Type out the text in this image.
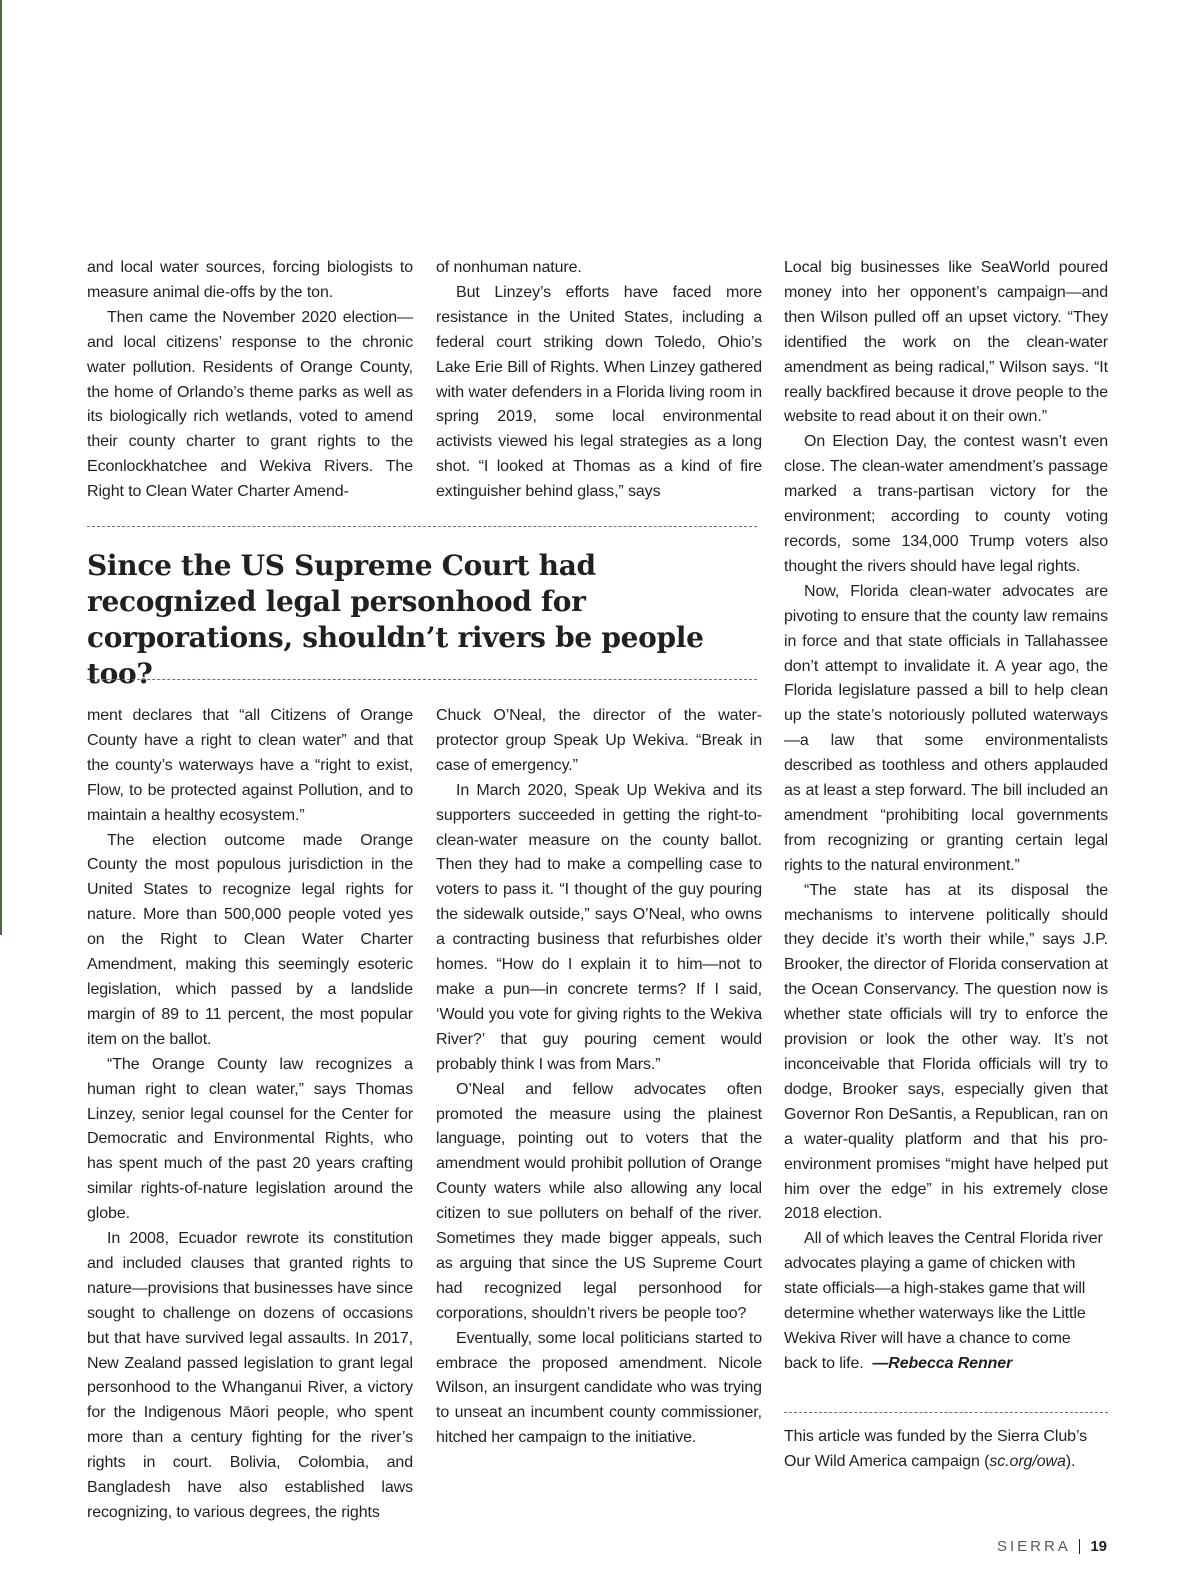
and local water sources, forcing biologists to measure animal die-offs by the ton.

Then came the November 2020 election—and local citizens’ response to the chronic water pollution. Residents of Orange County, the home of Orlando’s theme parks as well as its biologically rich wetlands, voted to amend their county charter to grant rights to the Econlockhatchee and Wekiva Rivers. The Right to Clean Water Charter Amend-

of nonhuman nature.

But Linzey’s efforts have faced more resistance in the United States, including a federal court striking down Toledo, Ohio’s Lake Erie Bill of Rights. When Linzey gathered with water defenders in a Florida living room in spring 2019, some local environmental activists viewed his legal strategies as a long shot. “I looked at Thomas as a kind of fire extinguisher behind glass,” says

Since the US Supreme Court had recognized legal personhood for corporations, shouldn’t rivers be people too?

ment declares that “all Citizens of Orange County have a right to clean water” and that the county’s waterways have a “right to exist, Flow, to be protected against Pollution, and to maintain a healthy ecosystem.”

The election outcome made Orange County the most populous jurisdiction in the United States to recognize legal rights for nature. More than 500,000 people voted yes on the Right to Clean Water Charter Amendment, making this seemingly esoteric legislation, which passed by a landslide margin of 89 to 11 percent, the most popular item on the ballot.

“The Orange County law recognizes a human right to clean water,” says Thomas Linzey, senior legal counsel for the Center for Democratic and Environmental Rights, who has spent much of the past 20 years crafting similar rights-of-nature legislation around the globe.

In 2008, Ecuador rewrote its constitution and included clauses that granted rights to nature—provisions that businesses have since sought to challenge on dozens of occasions but that have survived legal assaults. In 2017, New Zealand passed legislation to grant legal personhood to the Whanganui River, a victory for the Indigenous Māori people, who spent more than a century fighting for the river’s rights in court. Bolivia, Colombia, and Bangladesh have also established laws recognizing, to various degrees, the rights

Chuck O’Neal, the director of the water-protector group Speak Up Wekiva. “Break in case of emergency.”

In March 2020, Speak Up Wekiva and its supporters succeeded in getting the right-to-clean-water measure on the county ballot. Then they had to make a compelling case to voters to pass it. “I thought of the guy pouring the sidewalk outside,” says O’Neal, who owns a contracting business that refurbishes older homes. “How do I explain it to him—not to make a pun—in concrete terms? If I said, ‘Would you vote for giving rights to the Wekiva River?’ that guy pouring cement would probably think I was from Mars.”

O’Neal and fellow advocates often promoted the measure using the plainest language, pointing out to voters that the amendment would prohibit pollution of Orange County waters while also allowing any local citizen to sue polluters on behalf of the river. Sometimes they made bigger appeals, such as arguing that since the US Supreme Court had recognized legal personhood for corporations, shouldn’t rivers be people too?

Eventually, some local politicians started to embrace the proposed amendment. Nicole Wilson, an insurgent candidate who was trying to unseat an incumbent county commissioner, hitched her campaign to the initiative.

Local big businesses like SeaWorld poured money into her opponent’s campaign—and then Wilson pulled off an upset victory. “They identified the work on the clean-water amendment as being radical,” Wilson says. “It really backfired because it drove people to the website to read about it on their own.”

On Election Day, the contest wasn’t even close. The clean-water amendment’s passage marked a trans-partisan victory for the environment; according to county voting records, some 134,000 Trump voters also thought the rivers should have legal rights.

Now, Florida clean-water advocates are pivoting to ensure that the county law remains in force and that state officials in Tallahassee don’t attempt to invalidate it. A year ago, the Florida legislature passed a bill to help clean up the state’s notoriously polluted waterways—a law that some environmentalists described as toothless and others applauded as at least a step forward. The bill included an amendment “prohibiting local governments from recognizing or granting certain legal rights to the natural environment.”

“The state has at its disposal the mechanisms to intervene politically should they decide it’s worth their while,” says J.P. Brooker, the director of Florida conservation at the Ocean Conservancy. The question now is whether state officials will try to enforce the provision or look the other way. It’s not inconceivable that Florida officials will try to dodge, Brooker says, especially given that Governor Ron DeSantis, a Republican, ran on a water-quality platform and that his pro-environment promises “might have helped put him over the edge” in his extremely close 2018 election.

All of which leaves the Central Florida river advocates playing a game of chicken with state officials—a high-stakes game that will determine whether waterways like the Little Wekiva River will have a chance to come back to life. —Rebecca Renner

This article was funded by the Sierra Club’s Our Wild America campaign (sc.org/owa).

SIERRA 19
